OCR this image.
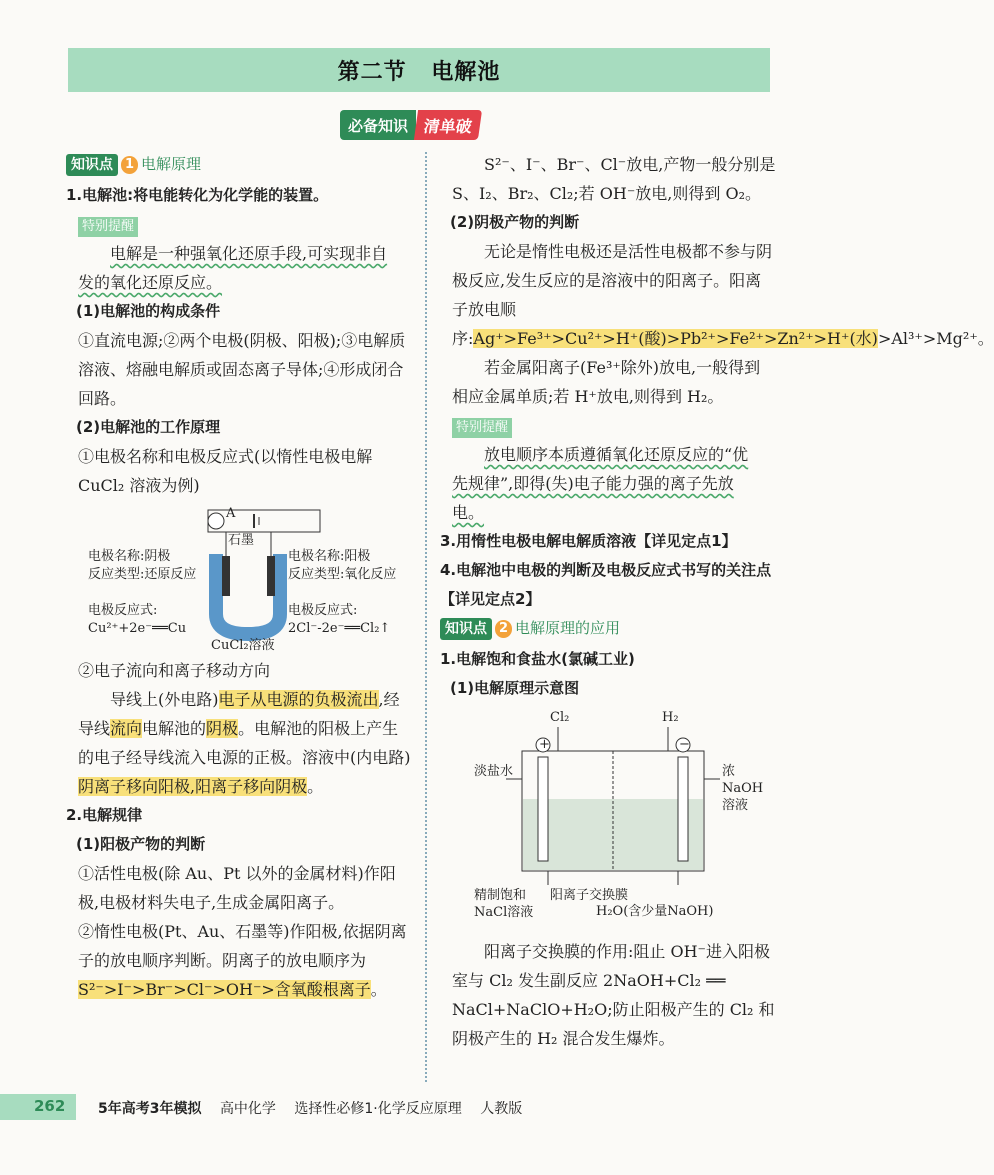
第二节 电解池
必备知识 清单破
知识点 1 电解原理
1.电解池:将电能转化为化学能的装置。
特别提醒
电解是一种强氧化还原手段,可实现非自发的氧化还原反应。
(1)电解池的构成条件
①直流电源;②两个电极(阴极、阳极);③电解质溶液、熔融电解质或固态离子导体;④形成闭合回路。
(2)电解池的工作原理
①电极名称和电极反应式(以惰性电极电解 CuCl₂ 溶液为例)
A
石墨
电极名称:阴极
反应类型:还原反应
电极反应式:
Cu²⁺+2e⁻══Cu
电极名称:阳极
反应类型:氧化反应
电极反应式:
2Cl⁻-2e⁻══Cl₂↑
CuCl₂溶液
②电子流向和离子移动方向
导线上(外电路)电子从电源的负极流出,经导线流向电解池的阴极。电解池的阳极上产生的电子经导线流入电源的正极。溶液中(内电路)阴离子移向阳极,阳离子移向阴极。
2.电解规律
(1)阳极产物的判断
①活性电极(除 Au、Pt 以外的金属材料)作阳极,电极材料失电子,生成金属阳离子。
②惰性电极(Pt、Au、石墨等)作阳极,依据阴离子的放电顺序判断。阴离子的放电顺序为S²⁻>I⁻>Br⁻>Cl⁻>OH⁻>含氧酸根离子。
S²⁻、I⁻、Br⁻、Cl⁻放电,产物一般分别是S、I₂、Br₂、Cl₂;若 OH⁻放电,则得到 O₂。
(2)阴极产物的判断
无论是惰性电极还是活性电极都不参与阴极反应,发生反应的是溶液中的阳离子。阳离子放电顺序:Ag⁺>Fe³⁺>Cu²⁺>H⁺(酸)>Pb²⁺>Fe²⁺>Zn²⁺>H⁺(水)>Al³⁺>Mg²⁺。
若金属阳离子(Fe³⁺除外)放电,一般得到相应金属单质;若 H⁺放电,则得到 H₂。
特别提醒
放电顺序本质遵循氧化还原反应的“优先规律”,即得(失)电子能力强的离子先放电。
3.用惰性电极电解电解质溶液【详见定点1】
4.电解池中电极的判断及电极反应式书写的关注点【详见定点2】
知识点 2 电解原理的应用
1.电解饱和食盐水(氯碱工业)
(1)电解原理示意图
Cl₂	H₂
+	−
淡盐水	浓NaOH溶液
精制饱和NaCl溶液
阳离子交换膜
H₂O(含少量NaOH)
阳离子交换膜的作用:阻止 OH⁻进入阳极室与 Cl₂ 发生副反应 2NaOH+Cl₂ ══ NaCl+NaClO+H₂O;防止阳极产生的 Cl₂ 和阴极产生的 H₂ 混合发生爆炸。
262 5年高考3年模拟 高中化学 选择性必修1·化学反应原理 人教版
